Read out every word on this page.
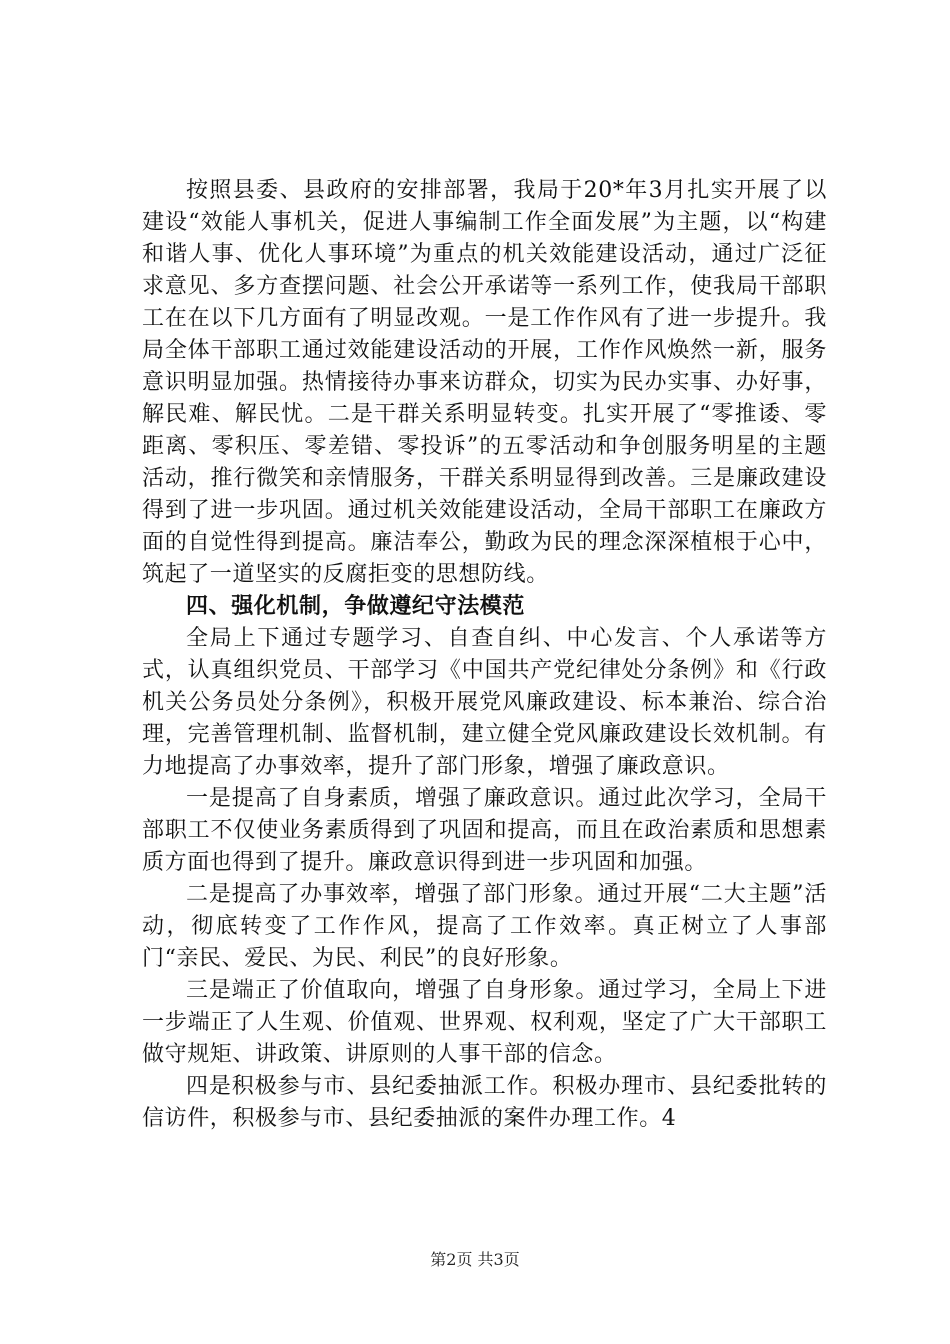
按照县委、县政府的安排部署，我局于20*年3月扎实开展了以建设“效能人事机关，促进人事编制工作全面发展”为主题，以“构建和谐人事、优化人事环境”为重点的机关效能建设活动，通过广泛征求意见、多方查摆问题、社会公开承诺等一系列工作，使我局干部职工在在以下几方面有了明显改观。一是工作作风有了进一步提升。我局全体干部职工通过效能建设活动的开展，工作作风焕然一新，服务意识明显加强。热情接待办事来访群众，切实为民办实事、办好事，解民难、解民忧。二是干群关系明显转变。扎实开展了“零推诿、零距离、零积压、零差错、零投诉”的五零活动和争创服务明星的主题活动，推行微笑和亲情服务，干群关系明显得到改善。三是廉政建设得到了进一步巩固。通过机关效能建设活动，全局干部职工在廉政方面的自觉性得到提高。廉洁奉公，勤政为民的理念深深植根于心中，筑起了一道坚实的反腐拒变的思想防线。

四、强化机制，争做遵纪守法模范

全局上下通过专题学习、自查自纠、中心发言、个人承诺等方式，认真组织党员、干部学习《中国共产党纪律处分条例》和《行政机关公务员处分条例》，积极开展党风廉政建设、标本兼治、综合治理，完善管理机制、监督机制，建立健全党风廉政建设长效机制。有力地提高了办事效率，提升了部门形象，增强了廉政意识。

一是提高了自身素质，增强了廉政意识。通过此次学习，全局干部职工不仅使业务素质得到了巩固和提高，而且在政治素质和思想素质方面也得到了提升。廉政意识得到进一步巩固和加强。

二是提高了办事效率，增强了部门形象。通过开展“二大主题”活动，彻底转变了工作作风，提高了工作效率。真正树立了人事部门“亲民、爱民、为民、利民”的良好形象。

三是端正了价值取向，增强了自身形象。通过学习，全局上下进一步端正了人生观、价值观、世界观、权利观，坚定了广大干部职工做守规矩、讲政策、讲原则的人事干部的信念。

四是积极参与市、县纪委抽派工作。积极办理市、县纪委批转的信访件，积极参与市、县纪委抽派的案件办理工作。4

第2页 共3页
